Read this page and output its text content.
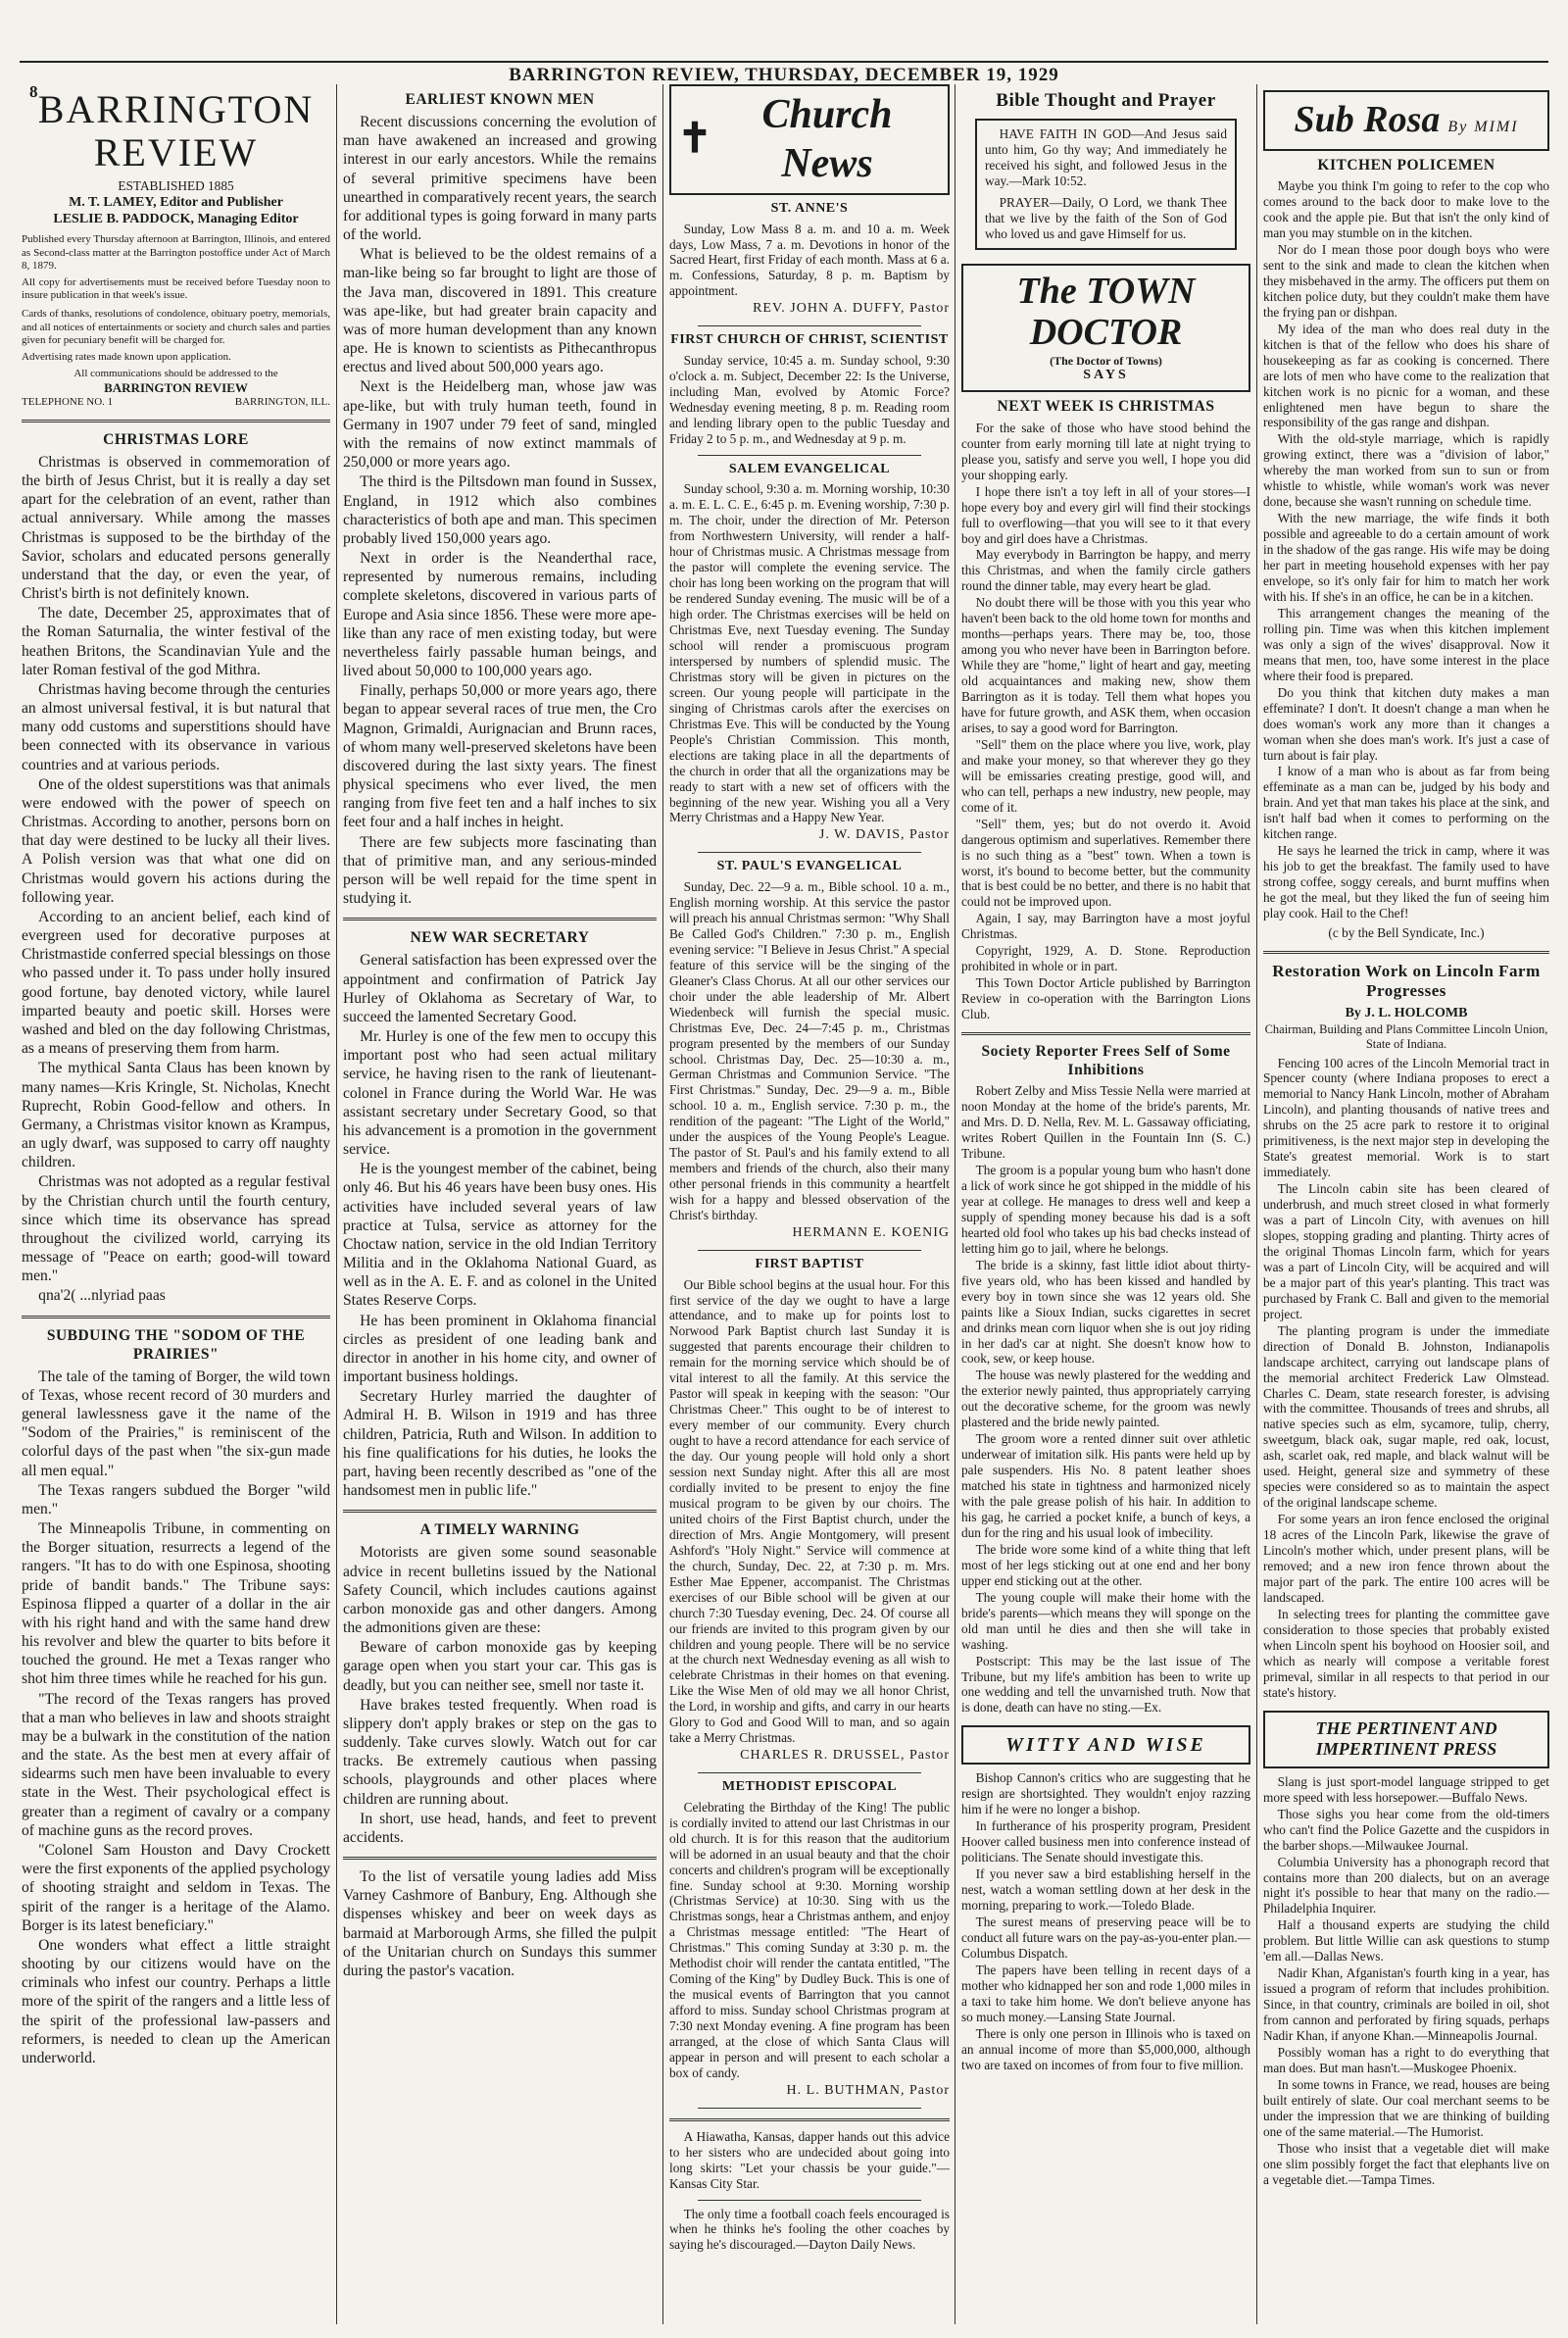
BARRINGTON REVIEW, THURSDAY, DECEMBER 19, 1929
8 BARRINGTON REVIEW
ESTABLISHED 1885
M. T. LAMEY, Editor and Publisher
LESLIE B. PADDOCK, Managing Editor
Published every Thursday afternoon at Barrington, Illinois, and entered as Second-class matter at the Barrington postoffice under Act of March 8, 1879.
All copy for advertisements must be received before Tuesday noon to insure publication in that week's issue.
Cards of thanks, resolutions of condolence, obituary poetry, memorials, and all notices of entertainments or society and church sales and parties given for pecuniary benefit will be charged for.
Advertising rates made known upon application.
All communications should be addressed to the
BARRINGTON REVIEW
TELEPHONE NO. 1	BARRINGTON, ILL.
CHRISTMAS LORE

Christmas is observed in commemoration of the birth of Jesus Christ, but it is really a day set apart for the celebration of an event, rather than actual anniversary. While among the masses Christmas is supposed to be the birthday of the Savior, scholars and educated persons generally understand that the day, or even the year, of Christ's birth is not definitely known.

The date, December 25, approximates that of the Roman Saturnalia, the winter festival of the heathen Britons, the Scandinavian Yule and the later Roman festival of the god Mithra.

Christmas having become through the centuries an almost universal festival, it is but natural that many odd customs and superstitions should have been connected with its observance in various countries and at various periods.

One of the oldest superstitions was that animals were endowed with the power of speech on Christmas. According to another, persons born on that day were destined to be lucky all their lives. A Polish version was that what one did on Christmas would govern his actions during the following year.

According to an ancient belief, each kind of evergreen used for decorative purposes at Christmastide conferred special blessings on those who passed under it. To pass under holly insured good fortune, bay denoted victory, while laurel imparted beauty and poetic skill. Horses were washed and bled on the day following Christmas, as a means of preserving them from harm.

The mythical Santa Claus has been known by many names—Kris Kringle, St. Nicholas, Knecht Ruprecht, Robin Good-fellow and others. In Germany, a Christmas visitor known as Krampus, an ugly dwarf, was supposed to carry off naughty children.

Christmas was not adopted as a regular festival by the Christian church until the fourth century, since which time its observance has spread throughout the civilized world, carrying its message of "Peace on earth; good-will toward men."

qna'2( ...nlyriad paas

SUBDUING THE "SODOM OF THE PRAIRIES"

The tale of the taming of Borger, the wild town of Texas, whose recent record of 30 murders and general lawlessness gave it the name of the "Sodom of the Prairies," is reminiscent of the colorful days of the past when "the six-gun made all men equal."

The Texas rangers subdued the Borger "wild men."

The Minneapolis Tribune, in commenting on the Borger situation, resurrects a legend of the rangers. "It has to do with one Espinosa, shooting pride of bandit bands." The Tribune says: Espinosa flipped a quarter of a dollar in the air with his right hand and with the same hand drew his revolver and blew the quarter to bits before it touched the ground. He met a Texas ranger who shot him three times while he reached for his gun.

"The record of the Texas rangers has proved that a man who believes in law and shoots straight may be a bulwark in the constitution of the nation and the state. As the best men at every affair of sidearms such men have been invaluable to every state in the West. Their psychological effect is greater than a regiment of cavalry or a company of machine guns as the record proves.

"Colonel Sam Houston and Davy Crockett were the first exponents of the applied psychology of shooting straight and seldom in Texas. The spirit of the ranger is a heritage of the Alamo. Borger is its latest beneficiary."

One wonders what effect a little straight shooting by our citizens would have on the criminals who infest our country. Perhaps a little more of the spirit of the rangers and a little less of the spirit of the professional law-passers and reformers, is needed to clean up the American underworld.

EARLIEST KNOWN MEN

Recent discussions concerning the evolution of man have awakened an increased and growing interest in our early ancestors. While the remains of several primitive specimens have been unearthed in comparatively recent years, the search for additional types is going forward in many parts of the world.

What is believed to be the oldest remains of a man-like being so far brought to light are those of the Java man, discovered in 1891. This creature was ape-like, but had greater brain capacity and was of more human development than any known ape. He is known to scientists as Pithecanthropus erectus and lived about 500,000 years ago.

Next is the Heidelberg man, whose jaw was ape-like, but with truly human teeth, found in Germany in 1907 under 79 feet of sand, mingled with the remains of now extinct mammals of 250,000 or more years ago.

The third is the Piltsdown man found in Sussex, England, in 1912 which also combines characteristics of both ape and man. This specimen probably lived 150,000 years ago.

Next in order is the Neanderthal race, represented by numerous remains, including complete skeletons, discovered in various parts of Europe and Asia since 1856. These were more ape-like than any race of men existing today, but were nevertheless fairly passable human beings, and lived about 50,000 to 100,000 years ago.

Finally, perhaps 50,000 or more years ago, there began to appear several races of true men, the Cro Magnon, Grimaldi, Aurignacian and Brunn races, of whom many well-preserved skeletons have been discovered during the last sixty years. The finest physical specimens who ever lived, the men ranging from five feet ten and a half inches to six feet four and a half inches in height.

There are few subjects more fascinating than that of primitive man, and any serious-minded person will be well repaid for the time spent in studying it.

NEW WAR SECRETARY

General satisfaction has been expressed over the appointment and confirmation of Patrick Jay Hurley of Oklahoma as Secretary of War, to succeed the lamented Secretary Good.

Mr. Hurley is one of the few men to occupy this important post who had seen actual military service, he having risen to the rank of lieutenant-colonel in France during the World War. He was assistant secretary under Secretary Good, so that his advancement is a promotion in the government service.

He is the youngest member of the cabinet, being only 46. But his 46 years have been busy ones. His activities have included several years of law practice at Tulsa, service as attorney for the Choctaw nation, service in the old Indian Territory Militia and in the Oklahoma National Guard, as well as in the A. E. F. and as colonel in the United States Reserve Corps.

He has been prominent in Oklahoma financial circles as president of one leading bank and director in another in his home city, and owner of important business holdings.

Secretary Hurley married the daughter of Admiral H. B. Wilson in 1919 and has three children, Patricia, Ruth and Wilson. In addition to his fine qualifications for his duties, he looks the part, having been recently described as "one of the handsomest men in public life."

A TIMELY WARNING

Motorists are given some sound seasonable advice in recent bulletins issued by the National Safety Council, which includes cautions against carbon monoxide gas and other dangers. Among the admonitions given are these:

Beware of carbon monoxide gas by keeping garage open when you start your car. This gas is deadly, but you can neither see, smell nor taste it.

Have brakes tested frequently. When road is slippery don't apply brakes or step on the gas to suddenly. Take curves slowly. Watch out for car tracks. Be extremely cautious when passing schools, playgrounds and other places where children are running about.

In short, use head, hands, and feet to prevent accidents.

To the list of versatile young ladies add Miss Varney Cashmore of Banbury, Eng. Although she dispenses whiskey and beer on week days as barmaid at Marborough Arms, she filled the pulpit of the Unitarian church on Sundays this summer during the pastor's vacation.

✝
Church News
ST. ANNE'S

Sunday, Low Mass 8 a. m. and 10 a. m. Week days, Low Mass, 7 a. m. Devotions in honor of the Sacred Heart, first Friday of each month. Mass at 6 a. m. Confessions, Saturday, 8 p. m. Baptism by appointment.

REV. JOHN A. DUFFY, Pastor
FIRST CHURCH OF CHRIST, SCIENTIST

Sunday service, 10:45 a. m. Sunday school, 9:30 o'clock a. m. Subject, December 22: Is the Universe, including Man, evolved by Atomic Force? Wednesday evening meeting, 8 p. m. Reading room and lending library open to the public Tuesday and Friday 2 to 5 p. m., and Wednesday at 9 p. m.

SALEM EVANGELICAL

Sunday school, 9:30 a. m. Morning worship, 10:30 a. m. E. L. C. E., 6:45 p. m. Evening worship, 7:30 p. m. The choir, under the direction of Mr. Peterson from Northwestern University, will render a half-hour of Christmas music. A Christmas message from the pastor will complete the evening service. The choir has long been working on the program that will be rendered Sunday evening. The music will be of a high order. The Christmas exercises will be held on Christmas Eve, next Tuesday evening. The Sunday school will render a promiscuous program interspersed by numbers of splendid music. The Christmas story will be given in pictures on the screen. Our young people will participate in the singing of Christmas carols after the exercises on Christmas Eve. This will be conducted by the Young People's Christian Commission. This month, elections are taking place in all the departments of the church in order that all the organizations may be ready to start with a new set of officers with the beginning of the new year. Wishing you all a Very Merry Christmas and a Happy New Year.

J. W. DAVIS, Pastor
ST. PAUL'S EVANGELICAL

Sunday, Dec. 22—9 a. m., Bible school. 10 a. m., English morning worship. At this service the pastor will preach his annual Christmas sermon: "Why Shall Be Called God's Children." 7:30 p. m., English evening service: "I Believe in Jesus Christ." A special feature of this service will be the singing of the Gleaner's Class Chorus. At all our other services our choir under the able leadership of Mr. Albert Wiedenbeck will furnish the special music. Christmas Eve, Dec. 24—7:45 p. m., Christmas program presented by the members of our Sunday school. Christmas Day, Dec. 25—10:30 a. m., German Christmas and Communion Service. "The First Christmas." Sunday, Dec. 29—9 a. m., Bible school. 10 a. m., English service. 7:30 p. m., the rendition of the pageant: "The Light of the World," under the auspices of the Young People's League. The pastor of St. Paul's and his family extend to all members and friends of the church, also their many other personal friends in this community a heartfelt wish for a happy and blessed observation of the Christ's birthday.

HERMANN E. KOENIG
FIRST BAPTIST

Our Bible school begins at the usual hour. For this first service of the day we ought to have a large attendance, and to make up for points lost to Norwood Park Baptist church last Sunday it is suggested that parents encourage their children to remain for the morning service which should be of vital interest to all the family. At this service the Pastor will speak in keeping with the season: "Our Christmas Cheer." This ought to be of interest to every member of our community. Every church ought to have a record attendance for each service of the day. Our young people will hold only a short session next Sunday night. After this all are most cordially invited to be present to enjoy the fine musical program to be given by our choirs. The united choirs of the First Baptist church, under the direction of Mrs. Angie Montgomery, will present Ashford's "Holy Night." Service will commence at the church, Sunday, Dec. 22, at 7:30 p. m. Mrs. Esther Mae Eppener, accompanist. The Christmas exercises of our Bible school will be given at our church 7:30 Tuesday evening, Dec. 24. Of course all our friends are invited to this program given by our children and young people. There will be no service at the church next Wednesday evening as all wish to celebrate Christmas in their homes on that evening. Like the Wise Men of old may we all honor Christ, the Lord, in worship and gifts, and carry in our hearts Glory to God and Good Will to man, and so again take a Merry Christmas.

CHARLES R. DRUSSEL, Pastor
METHODIST EPISCOPAL

Celebrating the Birthday of the King! The public is cordially invited to attend our last Christmas in our old church. It is for this reason that the auditorium will be adorned in an usual beauty and that the choir concerts and children's program will be exceptionally fine. Sunday school at 9:30. Morning worship (Christmas Service) at 10:30. Sing with us the Christmas songs, hear a Christmas anthem, and enjoy a Christmas message entitled: "The Heart of Christmas." This coming Sunday at 3:30 p. m. the Methodist choir will render the cantata entitled, "The Coming of the King" by Dudley Buck. This is one of the musical events of Barrington that you cannot afford to miss. Sunday school Christmas program at 7:30 next Monday evening. A fine program has been arranged, at the close of which Santa Claus will appear in person and will present to each scholar a box of candy.

H. L. BUTHMAN, Pastor

A Hiawatha, Kansas, dapper hands out this advice to her sisters who are undecided about going into long skirts: "Let your chassis be your guide."—Kansas City Star.

The only time a football coach feels encouraged is when he thinks he's fooling the other coaches by saying he's discouraged.—Dayton Daily News.

Bible Thought and Prayer

HAVE FAITH IN GOD—And Jesus said unto him, Go thy way; And immediately he received his sight, and followed Jesus in the way.—Mark 10:52.

PRAYER—Daily, O Lord, we thank Thee that we live by the faith of the Son of God who loved us and gave Himself for us.

The TOWN DOCTOR
(The Doctor of Towns)
SAYS
NEXT WEEK IS CHRISTMAS

For the sake of those who have stood behind the counter from early morning till late at night trying to please you, satisfy and serve you well, I hope you did your shopping early.

I hope there isn't a toy left in all of your stores—I hope every boy and every girl will find their stockings full to overflowing—that you will see to it that every boy and girl does have a Christmas.

May everybody in Barrington be happy, and merry this Christmas, and when the family circle gathers round the dinner table, may every heart be glad.

No doubt there will be those with you this year who haven't been back to the old home town for months and months—perhaps years. There may be, too, those among you who never have been in Barrington before. While they are "home," light of heart and gay, meeting old acquaintances and making new, show them Barrington as it is today. Tell them what hopes you have for future growth, and ASK them, when occasion arises, to say a good word for Barrington.

"Sell" them on the place where you live, work, play and make your money, so that wherever they go they will be emissaries creating prestige, good will, and who can tell, perhaps a new industry, new people, may come of it.

"Sell" them, yes; but do not overdo it. Avoid dangerous optimism and superlatives. Remember there is no such thing as a "best" town. When a town is worst, it's bound to become better, but the community that is best could be no better, and there is no habit that could not be improved upon.

Again, I say, may Barrington have a most joyful Christmas.

Copyright, 1929, A. D. Stone. Reproduction prohibited in whole or in part.

This Town Doctor Article published by Barrington Review in co-operation with the Barrington Lions Club.

Society Reporter Frees Self of Some Inhibitions

Robert Zelby and Miss Tessie Nella were married at noon Monday at the home of the bride's parents, Mr. and Mrs. D. D. Nella, Rev. M. L. Gassaway officiating, writes Robert Quillen in the Fountain Inn (S. C.) Tribune.

The groom is a popular young bum who hasn't done a lick of work since he got shipped in the middle of his year at college. He manages to dress well and keep a supply of spending money because his dad is a soft hearted old fool who takes up his bad checks instead of letting him go to jail, where he belongs.

The bride is a skinny, fast little idiot about thirty-five years old, who has been kissed and handled by every boy in town since she was 12 years old. She paints like a Sioux Indian, sucks cigarettes in secret and drinks mean corn liquor when she is out joy riding in her dad's car at night. She doesn't know how to cook, sew, or keep house.

The house was newly plastered for the wedding and the exterior newly painted, thus appropriately carrying out the decorative scheme, for the groom was newly plastered and the bride newly painted.

The groom wore a rented dinner suit over athletic underwear of imitation silk. His pants were held up by pale suspenders. His No. 8 patent leather shoes matched his state in tightness and harmonized nicely with the pale grease polish of his hair. In addition to his gag, he carried a pocket knife, a bunch of keys, a dun for the ring and his usual look of imbecility.

The bride wore some kind of a white thing that left most of her legs sticking out at one end and her bony upper end sticking out at the other.

The young couple will make their home with the bride's parents—which means they will sponge on the old man until he dies and then she will take in washing.

Postscript: This may be the last issue of The Tribune, but my life's ambition has been to write up one wedding and tell the unvarnished truth. Now that is done, death can have no sting.—Ex.

WITTY AND WISE

Bishop Cannon's critics who are suggesting that he resign are shortsighted. They wouldn't enjoy razzing him if he were no longer a bishop.

In furtherance of his prosperity program, President Hoover called business men into conference instead of politicians. The Senate should investigate this.

If you never saw a bird establishing herself in the nest, watch a woman settling down at her desk in the morning, preparing to work.—Toledo Blade.

The surest means of preserving peace will be to conduct all future wars on the pay-as-you-enter plan.—Columbus Dispatch.

The papers have been telling in recent days of a mother who kidnapped her son and rode 1,000 miles in a taxi to take him home. We don't believe anyone has so much money.—Lansing State Journal.

There is only one person in Illinois who is taxed on an annual income of more than $5,000,000, although two are taxed on incomes of from four to five million.

Sub Rosa By MIMI
KITCHEN POLICEMEN

Maybe you think I'm going to refer to the cop who comes around to the back door to make love to the cook and the apple pie. But that isn't the only kind of man you may stumble on in the kitchen.

Nor do I mean those poor dough boys who were sent to the sink and made to clean the kitchen when they misbehaved in the army. The officers put them on kitchen police duty, but they couldn't make them have the frying pan or dishpan.

My idea of the man who does real duty in the kitchen is that of the fellow who does his share of housekeeping as far as cooking is concerned. There are lots of men who have come to the realization that kitchen work is no picnic for a woman, and these enlightened men have begun to share the responsibility of the gas range and dishpan.

With the old-style marriage, which is rapidly growing extinct, there was a "division of labor," whereby the man worked from sun to sun or from whistle to whistle, while woman's work was never done, because she wasn't running on schedule time.

With the new marriage, the wife finds it both possible and agreeable to do a certain amount of work in the shadow of the gas range. His wife may be doing her part in meeting household expenses with her pay envelope, so it's only fair for him to match her work with his. If she's in an office, he can be in a kitchen.

This arrangement changes the meaning of the rolling pin. Time was when this kitchen implement was only a sign of the wives' disapproval. Now it means that men, too, have some interest in the place where their food is prepared.

Do you think that kitchen duty makes a man effeminate? I don't. It doesn't change a man when he does woman's work any more than it changes a woman when she does man's work. It's just a case of turn about is fair play.

I know of a man who is about as far from being effeminate as a man can be, judged by his body and brain. And yet that man takes his place at the sink, and isn't half bad when it comes to performing on the kitchen range.

He says he learned the trick in camp, where it was his job to get the breakfast. The family used to have strong coffee, soggy cereals, and burnt muffins when he got the meal, but they liked the fun of seeing him play cook. Hail to the Chef!

(c by the Bell Syndicate, Inc.)
Restoration Work on Lincoln Farm Progresses
By J. L. HOLCOMB
Chairman, Building and Plans Committee Lincoln Union, State of Indiana.

Fencing 100 acres of the Lincoln Memorial tract in Spencer county (where Indiana proposes to erect a memorial to Nancy Hank Lincoln, mother of Abraham Lincoln), and planting thousands of native trees and shrubs on the 25 acre park to restore it to original primitiveness, is the next major step in developing the State's greatest memorial. Work is to start immediately.

The Lincoln cabin site has been cleared of underbrush, and much street closed in what formerly was a part of Lincoln City, with avenues on hill slopes, stopping grading and planting. Thirty acres of the original Thomas Lincoln farm, which for years was a part of Lincoln City, will be acquired and will be a major part of this year's planting. This tract was purchased by Frank C. Ball and given to the memorial project.

The planting program is under the immediate direction of Donald B. Johnston, Indianapolis landscape architect, carrying out landscape plans of the memorial architect Frederick Law Olmstead. Charles C. Deam, state research forester, is advising with the committee. Thousands of trees and shrubs, all native species such as elm, sycamore, tulip, cherry, sweetgum, black oak, sugar maple, red oak, locust, ash, scarlet oak, red maple, and black walnut will be used. Height, general size and symmetry of these species were considered so as to maintain the aspect of the original landscape scheme.

For some years an iron fence enclosed the original 18 acres of the Lincoln Park, likewise the grave of Lincoln's mother which, under present plans, will be removed; and a new iron fence thrown about the major part of the park. The entire 100 acres will be landscaped.

In selecting trees for planting the committee gave consideration to those species that probably existed when Lincoln spent his boyhood on Hoosier soil, and which as nearly will compose a veritable forest primeval, similar in all respects to that period in our state's history.

THE PERTINENT AND IMPERTINENT PRESS

Slang is just sport-model language stripped to get more speed with less horsepower.—Buffalo News.

Those sighs you hear come from the old-timers who can't find the Police Gazette and the cuspidors in the barber shops.—Milwaukee Journal.

Columbia University has a phonograph record that contains more than 200 dialects, but on an average night it's possible to hear that many on the radio.—Philadelphia Inquirer.

Half a thousand experts are studying the child problem. But little Willie can ask questions to stump 'em all.—Dallas News.

Nadir Khan, Afganistan's fourth king in a year, has issued a program of reform that includes prohibition. Since, in that country, criminals are boiled in oil, shot from cannon and perforated by firing squads, perhaps Nadir Khan, if anyone Khan.—Minneapolis Journal.

Possibly woman has a right to do everything that man does. But man hasn't.—Muskogee Phoenix.

In some towns in France, we read, houses are being built entirely of slate. Our coal merchant seems to be under the impression that we are thinking of building one of the same material.—The Humorist.

Those who insist that a vegetable diet will make one slim possibly forget the fact that elephants live on a vegetable diet.—Tampa Times.
